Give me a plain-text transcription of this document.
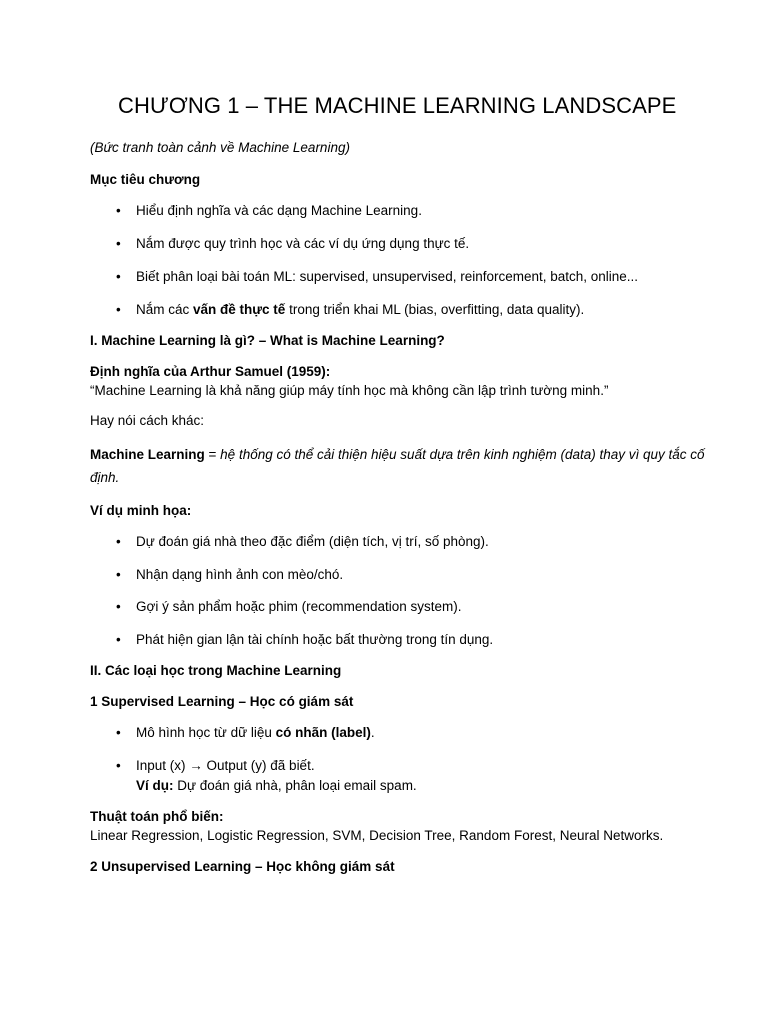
CHƯƠNG 1 – THE MACHINE LEARNING LANDSCAPE

(Bức tranh toàn cảnh về Machine Learning)

Mục tiêu chương

• Hiểu định nghĩa và các dạng Machine Learning.
• Nắm được quy trình học và các ví dụ ứng dụng thực tế.
• Biết phân loại bài toán ML: supervised, unsupervised, reinforcement, batch, online...
• Nắm các vấn đề thực tế trong triển khai ML (bias, overfitting, data quality).

I. Machine Learning là gì? – What is Machine Learning?

Định nghĩa của Arthur Samuel (1959):
“Machine Learning là khả năng giúp máy tính học mà không cần lập trình tường minh.”

Hay nói cách khác:

Machine Learning = hệ thống có thể cải thiện hiệu suất dựa trên kinh nghiệm (data) thay vì quy tắc cố định.

Ví dụ minh họa:

• Dự đoán giá nhà theo đặc điểm (diện tích, vị trí, số phòng).
• Nhận dạng hình ảnh con mèo/chó.
• Gợi ý sản phẩm hoặc phim (recommendation system).
• Phát hiện gian lận tài chính hoặc bất thường trong tín dụng.

II. Các loại học trong Machine Learning

1 Supervised Learning – Học có giám sát

• Mô hình học từ dữ liệu có nhãn (label).
• Input (x) → Output (y) đã biết.
Ví dụ: Dự đoán giá nhà, phân loại email spam.

Thuật toán phổ biến:
Linear Regression, Logistic Regression, SVM, Decision Tree, Random Forest, Neural Networks.

2 Unsupervised Learning – Học không giám sát
